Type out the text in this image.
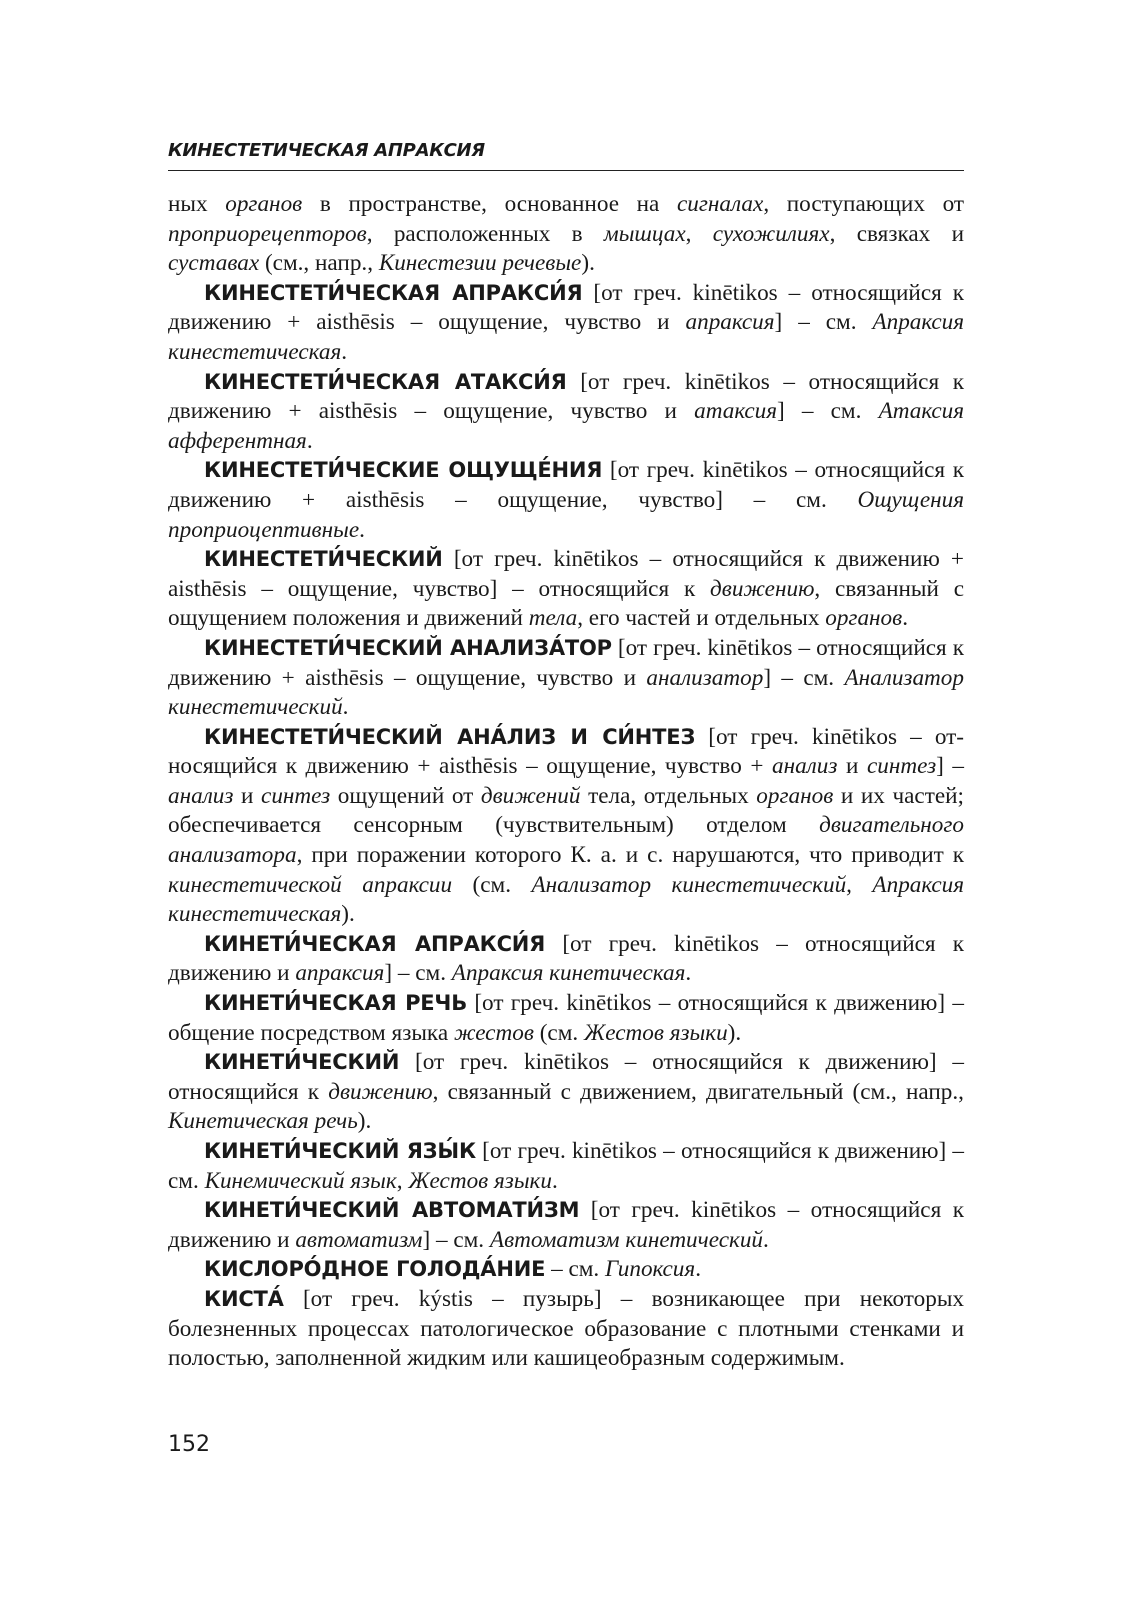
КИНЕСТЕТИЧЕСКАЯ АПРАКСИЯ

ных органов в пространстве, основанное на сигналах, поступающих от проприорецепторов, расположенных в мышцах, сухожилиях, связках и суставах (см., напр., Кинестезии речевые).

КИНЕСТЕТИ́ЧЕСКАЯ АПРАКСИ́Я [от греч. kinētikos – относящийся к движению + aisthēsis – ощущение, чувство и апраксия] – см. Апраксия кинестетическая.

КИНЕСТЕТИ́ЧЕСКАЯ АТАКСИ́Я [от греч. kinētikos – относящийся к движению + aisthēsis – ощущение, чувство и атаксия] – см. Атаксия афферентная.

КИНЕСТЕТИ́ЧЕСКИЕ ОЩУЩЕ́НИЯ [от греч. kinētikos – относящийся к движению + aisthēsis – ощущение, чувство] – см. Ощущения проприоцептивные.

КИНЕСТЕТИ́ЧЕСКИЙ [от греч. kinētikos – относящийся к движению + aisthēsis – ощущение, чувство] – относящийся к движению, связанный с ощущением положения и движений тела, его частей и отдельных органов.

КИНЕСТЕТИ́ЧЕСКИЙ АНАЛИЗА́ТОР [от греч. kinētikos – относящийся к движению + aisthēsis – ощущение, чувство и анализатор] – см. Анализатор кинестетический.

КИНЕСТЕТИ́ЧЕСКИЙ АНА́ЛИЗ И СИ́НТЕЗ [от греч. kinētikos – относящийся к движению + aisthēsis – ощущение, чувство + анализ и синтез] – анализ и синтез ощущений от движений тела, отдельных органов и их частей; обеспечивается сенсорным (чувствительным) отделом двигательного анализатора, при поражении которого К. а. и с. нарушаются, что приводит к кинестетической апраксии (см. Анализатор кинестетический, Апраксия кинестетическая).

КИНЕТИ́ЧЕСКАЯ АПРАКСИ́Я [от греч. kinētikos – относящийся к движению и апраксия] – см. Апраксия кинетическая.

КИНЕТИ́ЧЕСКАЯ РЕЧЬ [от греч. kinētikos – относящийся к движению] – общение посредством языка жестов (см. Жестов языки).

КИНЕТИ́ЧЕСКИЙ [от греч. kinētikos – относящийся к движению] – относящийся к движению, связанный с движением, двигательный (см., напр., Кинетическая речь).

КИНЕТИ́ЧЕСКИЙ ЯЗЫ́К [от греч. kinētikos – относящийся к движению] – см. Кинемический язык, Жестов языки.

КИНЕТИ́ЧЕСКИЙ АВТОМАТИ́ЗМ [от греч. kinētikos – относящийся к движению и автоматизм] – см. Автоматизм кинетический.

КИСЛОРО́ДНОЕ ГОЛОДА́НИЕ – см. Гипоксия.

КИСТА́ [от греч. kýstis – пузырь] – возникающее при некоторых болезненных процессах патологическое образование с плотными стенками и полостью, заполненной жидким или кашицеобразным содержимым.

152
